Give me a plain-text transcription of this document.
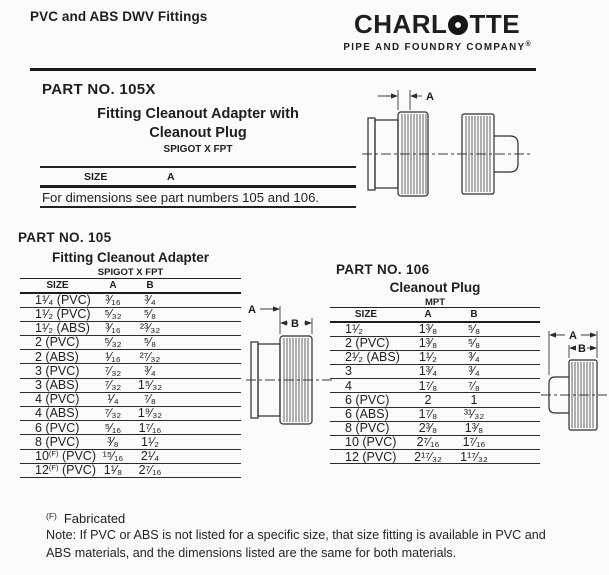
PVC and ABS DWV Fittings	CHARL TTE
PIPE AND FOUNDRY COMPANY®
PART NO. 105X
Fitting Cleanout Adapter with
Cleanout Plug
SPIGOT X FPT
SIZE	A
For dimensions see part numbers 105 and 106.
A
PART NO. 105
Fitting Cleanout Adapter
SPIGOT X FPT
SIZE	A	B	
1¹⁄₄ (PVC)	³⁄₁₆	³⁄₄	
1¹⁄₂ (PVC)	⁵⁄₃₂	⁵⁄₈	
1¹⁄₂ (ABS)	³⁄₁₆	²³⁄₃₂	
2 (PVC)	⁵⁄₃₂	⁵⁄₈	
2 (ABS)	¹⁄₁₆	²⁷⁄₃₂	
3 (PVC)	⁷⁄₃₂	³⁄₄	
3 (ABS)	⁷⁄₃₂	1⁵⁄₃₂	
4 (PVC)	¹⁄₄	⁷⁄₈	
4 (ABS)	⁷⁄₃₂	1⁹⁄₃₂	
6 (PVC)	⁵⁄₁₆	1⁷⁄₁₆	
8 (PVC)	³⁄₈	1¹⁄₂	
10$^{(F)}$ (PVC)	¹⁵⁄₁₆	2¹⁄₄	
12$^{(F)}$ (PVC)	1¹⁄₈	2⁷⁄₁₆	
A
B
PART NO. 106
Cleanout Plug
MPT
SIZE	A	B	
1¹⁄₂	1³⁄₈	⁵⁄₈	
2 (PVC)	1³⁄₈	⁵⁄₈	
2¹⁄₂ (ABS)	1¹⁄₂	³⁄₄	
3	1³⁄₄	³⁄₄	
4	1⁷⁄₈	⁷⁄₈	
6 (PVC)	2	1	
6 (ABS)	1⁷⁄₈	³¹⁄₃₂	
8 (PVC)	2³⁄₈	1³⁄₈	
10 (PVC)	2⁷⁄₁₆	1⁷⁄₁₆	
12 (PVC)	2¹⁷⁄₃₂	1¹⁷⁄₃₂	
A
B
$^{(F)}$ Fabricated
Note: If PVC or ABS is not listed for a specific size, that size fitting is available in PVC and
ABS materials, and the dimensions listed are the same for both materials.
